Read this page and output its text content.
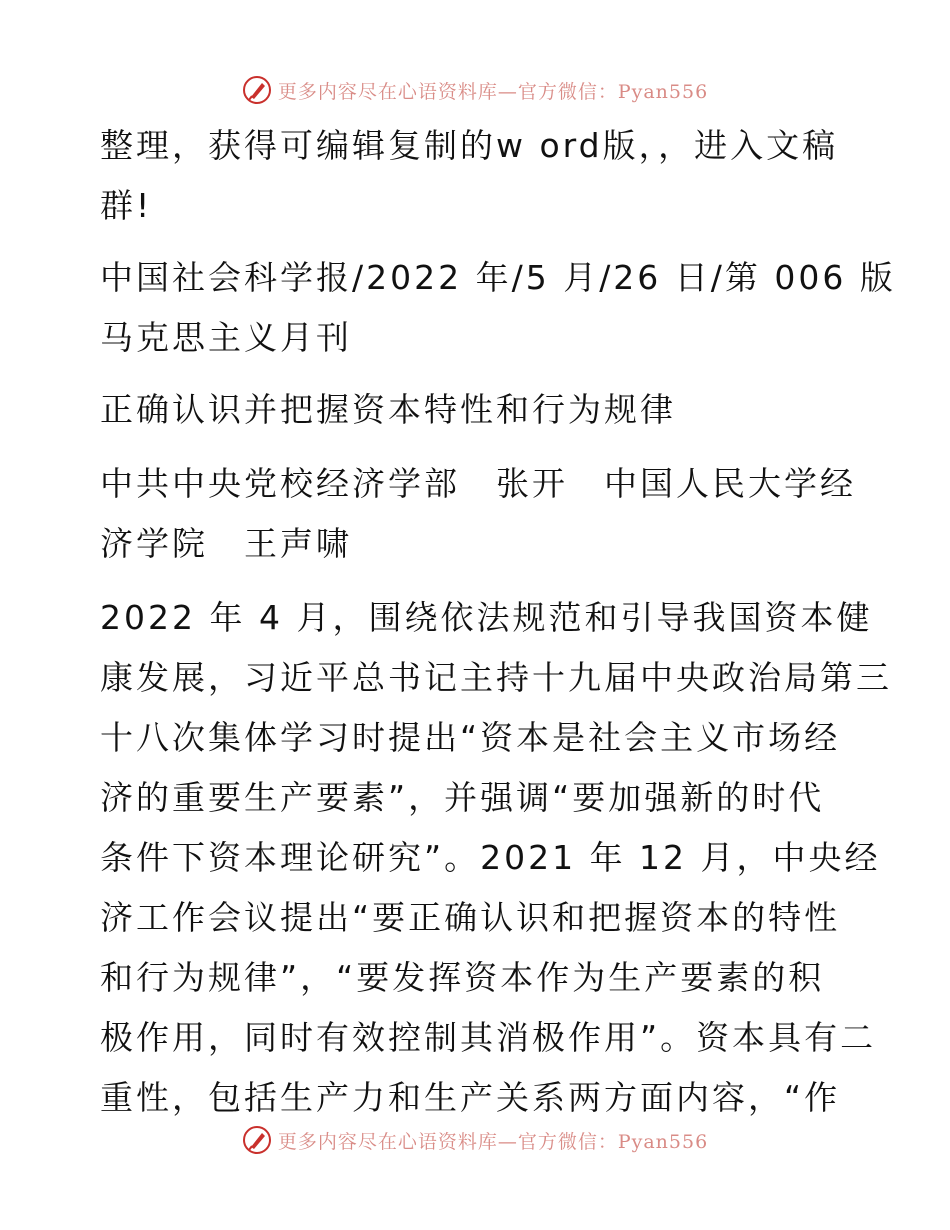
更多内容尽在心语资料库—官方微信：Pyan556
整理，获得可编辑复制的w ord版，，进入文稿
群!
中国社会科学报/2022 年/5 月/26 日/第 006 版
马克思主义月刊
正确认识并把握资本特性和行为规律
中共中央党校经济学部　张开　中国人民大学经
济学院　王声啸
2022 年 4 月，围绕依法规范和引导我国资本健
康发展，习近平总书记主持十九届中央政治局第三
十八次集体学习时提出“资本是社会主义市场经
济的重要生产要素”，并强调“要加强新的时代
条件下资本理论研究”。2021 年 12 月，中央经
济工作会议提出“要正确认识和把握资本的特性
和行为规律”，“要发挥资本作为生产要素的积
极作用，同时有效控制其消极作用”。资本具有二
重性，包括生产力和生产关系两方面内容，“作
更多内容尽在心语资料库—官方微信：Pyan556
